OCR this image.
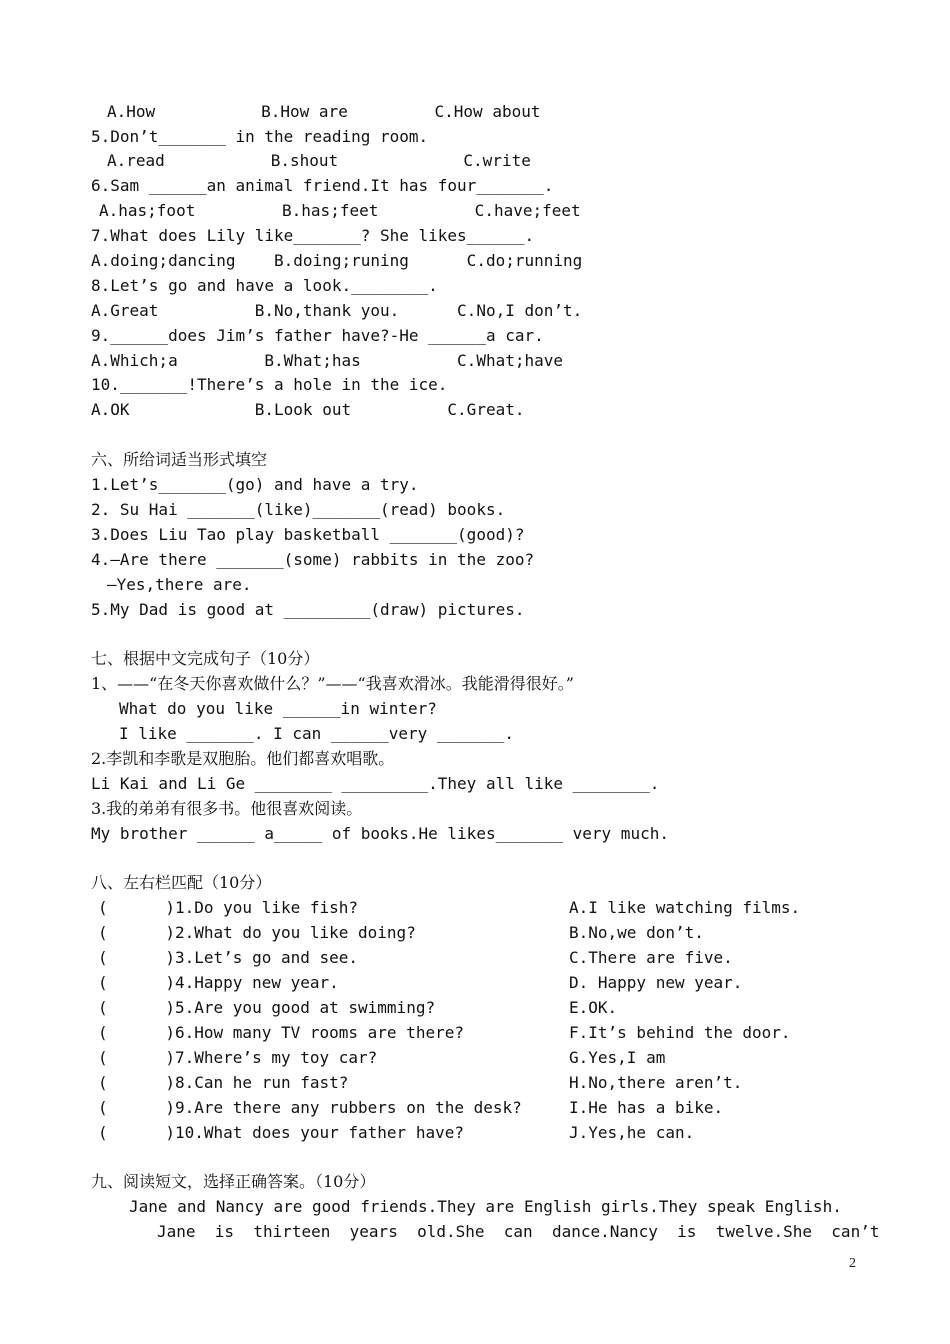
A.How           B.How are         C.How about
5.Don’t_______ in the reading room.
A.read           B.shout             C.write
6.Sam ______an animal friend.It has four_______.
A.has;foot         B.has;feet          C.have;feet
7.What does Lily like_______? She likes______.
A.doing;dancing    B.doing;runing      C.do;running
8.Let’s go and have a look.________.
A.Great          B.No,thank you.      C.No,I don’t.
9.______does Jim’s father have?-He ______a car.
A.Which;a         B.What;has          C.What;have
10._______!There’s a hole in the ice.
A.OK             B.Look out          C.Great.
六、所给词适当形式填空
1.Let’s_______(go) and have a try.
2. Su Hai _______(like)_______(read) books.
3.Does Liu Tao play basketball _______(good)?
4.—Are there _______(some) rabbits in the zoo?
—Yes,there are.
5.My Dad is good at _________(draw) pictures.
七、根据中文完成句子（10分）
1、——“在冬天你喜欢做什么？”——“我喜欢滑冰。我能滑得很好。”
What do you like ______in winter?
I like _______. I can ______very _______.
2.李凯和李歌是双胞胎。他们都喜欢唱歌。
Li Kai and Li Ge ________ _________.They all like ________.
3.我的弟弟有很多书。他很喜欢阅读。
My brother ______ a_____ of books.He likes_______ very much.
八、左右栏匹配（10分）
九、阅读短文，选择正确答案。（10分）
Jane and Nancy are good friends.They are English girls.They speak English.
Jane  is  thirteen  years  old.She  can  dance.Nancy  is  twelve.She  can’t
(      ) 1.Do you like fish?	A.I like watching films.
(      ) 2.What do you like doing?	B.No,we don’t.
(      ) 3.Let’s go and see.	C.There are five.
(      ) 4.Happy new year.	D. Happy new year.
(      ) 5.Are you good at swimming?	E.OK.
(      ) 6.How many TV rooms are there?	F.It’s behind the door.
(      ) 7.Where’s my toy car?	G.Yes,I am
(      ) 8.Can he run fast?	H.No,there aren’t.
(      ) 9.Are there any rubbers on the desk?	I.He has a bike.
(      ) 10.What does your father have?	J.Yes,he can.
2
